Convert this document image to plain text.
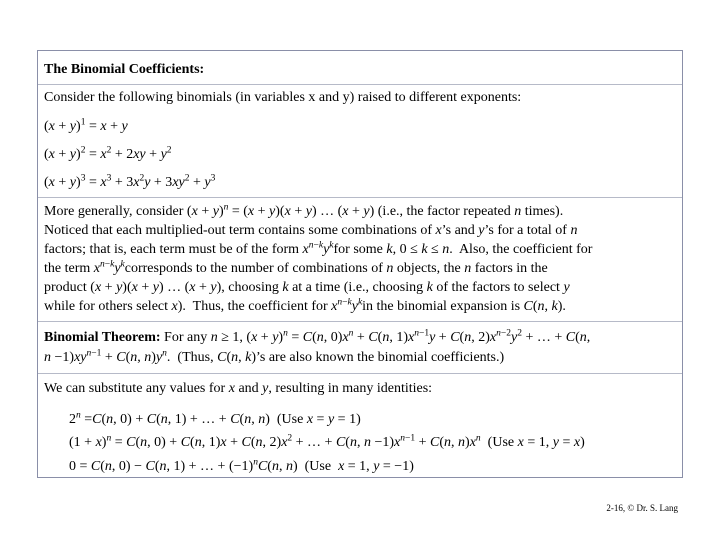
The Binomial Coefficients:
Consider the following binomials (in variables x and y) raised to different exponents:
$(x + y)^1 = x + y$
$(x + y)^2 = x^2 + 2xy + y^2$
$(x + y)^3 = x^3 + 3x^2y + 3xy^2 + y^3$
More generally, consider $(x + y)^n = (x + y)(x + y)$ … (x + y) (i.e., the factor repeated n times).
Noticed that each multiplied-out term contains some combinations of x’s and y’s for a total of n
factors; that is, each term must be of the form $x^{n-k}y^kfor$ some k, 0 ≤ k ≤ n.  Also, the coefficient for
the term $x^{n-k}y^kcorresponds$ to the number of combinations of n objects, the n factors in the
product (x + y)(x + y) … (x + y), choosing k at a time (i.e., choosing k of the factors to select y
while for others select x).  Thus, the coefficient for $x^{n-k}y^kin$ the binomial expansion is C(n, k).
Binomial Theorem: For any n ≥ 1, $(x + y)^n = C(n$, $0)x^n + C(n$, $1)x^{n-1}y + C(n$, $2)x^{n-2}y^2$ + … + C(n,
$n -1)xy^{n-1} + C(n$, $n)y^n$.  (Thus, C(n, k)’s are also known the binomial coefficients.)
We can substitute any values for x and y, resulting in many identities:
$2^n =C(n$, 0) + C(n, 1) + … + C(n, n)  (Use x = y = 1)
$(1 + x)^n = C(n$, 0) + C(n, 1)x + C(n, $2)x^2$ + … + C(n, $n -1)x^{n-1} + C(n$, $n)x^n$  (Use x = 1, y = x)
0 = C(n, 0) − C(n, 1) + … + $(-1)^nC(n$, n)  (Use  x = 1, y = −1)
2-16, © Dr. S. Lang
